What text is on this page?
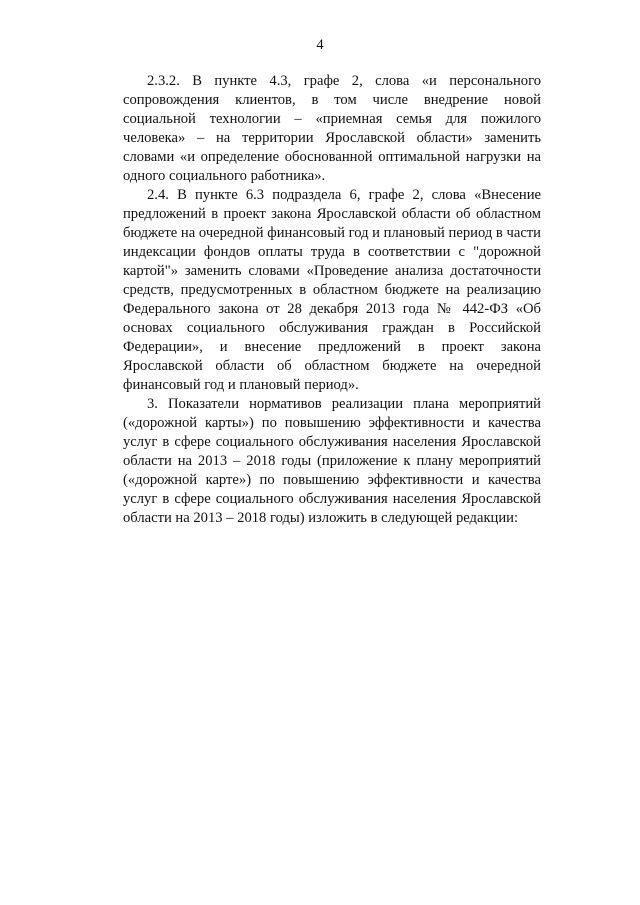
4

2.3.2. В пункте 4.3, графе 2, слова «и персонального сопровождения клиентов, в том числе внедрение новой социальной технологии – «приемная семья для пожилого человека» – на территории Ярославской области» заменить словами «и определение обоснованной оптимальной нагрузки на одного социального работника».

2.4. В пункте 6.3 подраздела 6, графе 2, слова «Внесение предложений в проект закона Ярославской области об областном бюджете на очередной финансовый год и плановый период в части индексации фондов оплаты труда в соответствии с "дорожной картой"» заменить словами «Проведение анализа достаточности средств, предусмотренных в областном бюджете на реализацию Федерального закона от 28 декабря 2013 года № 442-ФЗ «Об основах социального обслуживания граждан в Российской Федерации», и внесение предложений в проект закона Ярославской области об областном бюджете на очередной финансовый год и плановый период».

3. Показатели нормативов реализации плана мероприятий («дорожной карты») по повышению эффективности и качества услуг в сфере социального обслуживания населения Ярославской области на 2013 – 2018 годы (приложение к плану мероприятий («дорожной карте») по повышению эффективности и качества услуг в сфере социального обслуживания населения Ярославской области на 2013 – 2018 годы) изложить в следующей редакции:
